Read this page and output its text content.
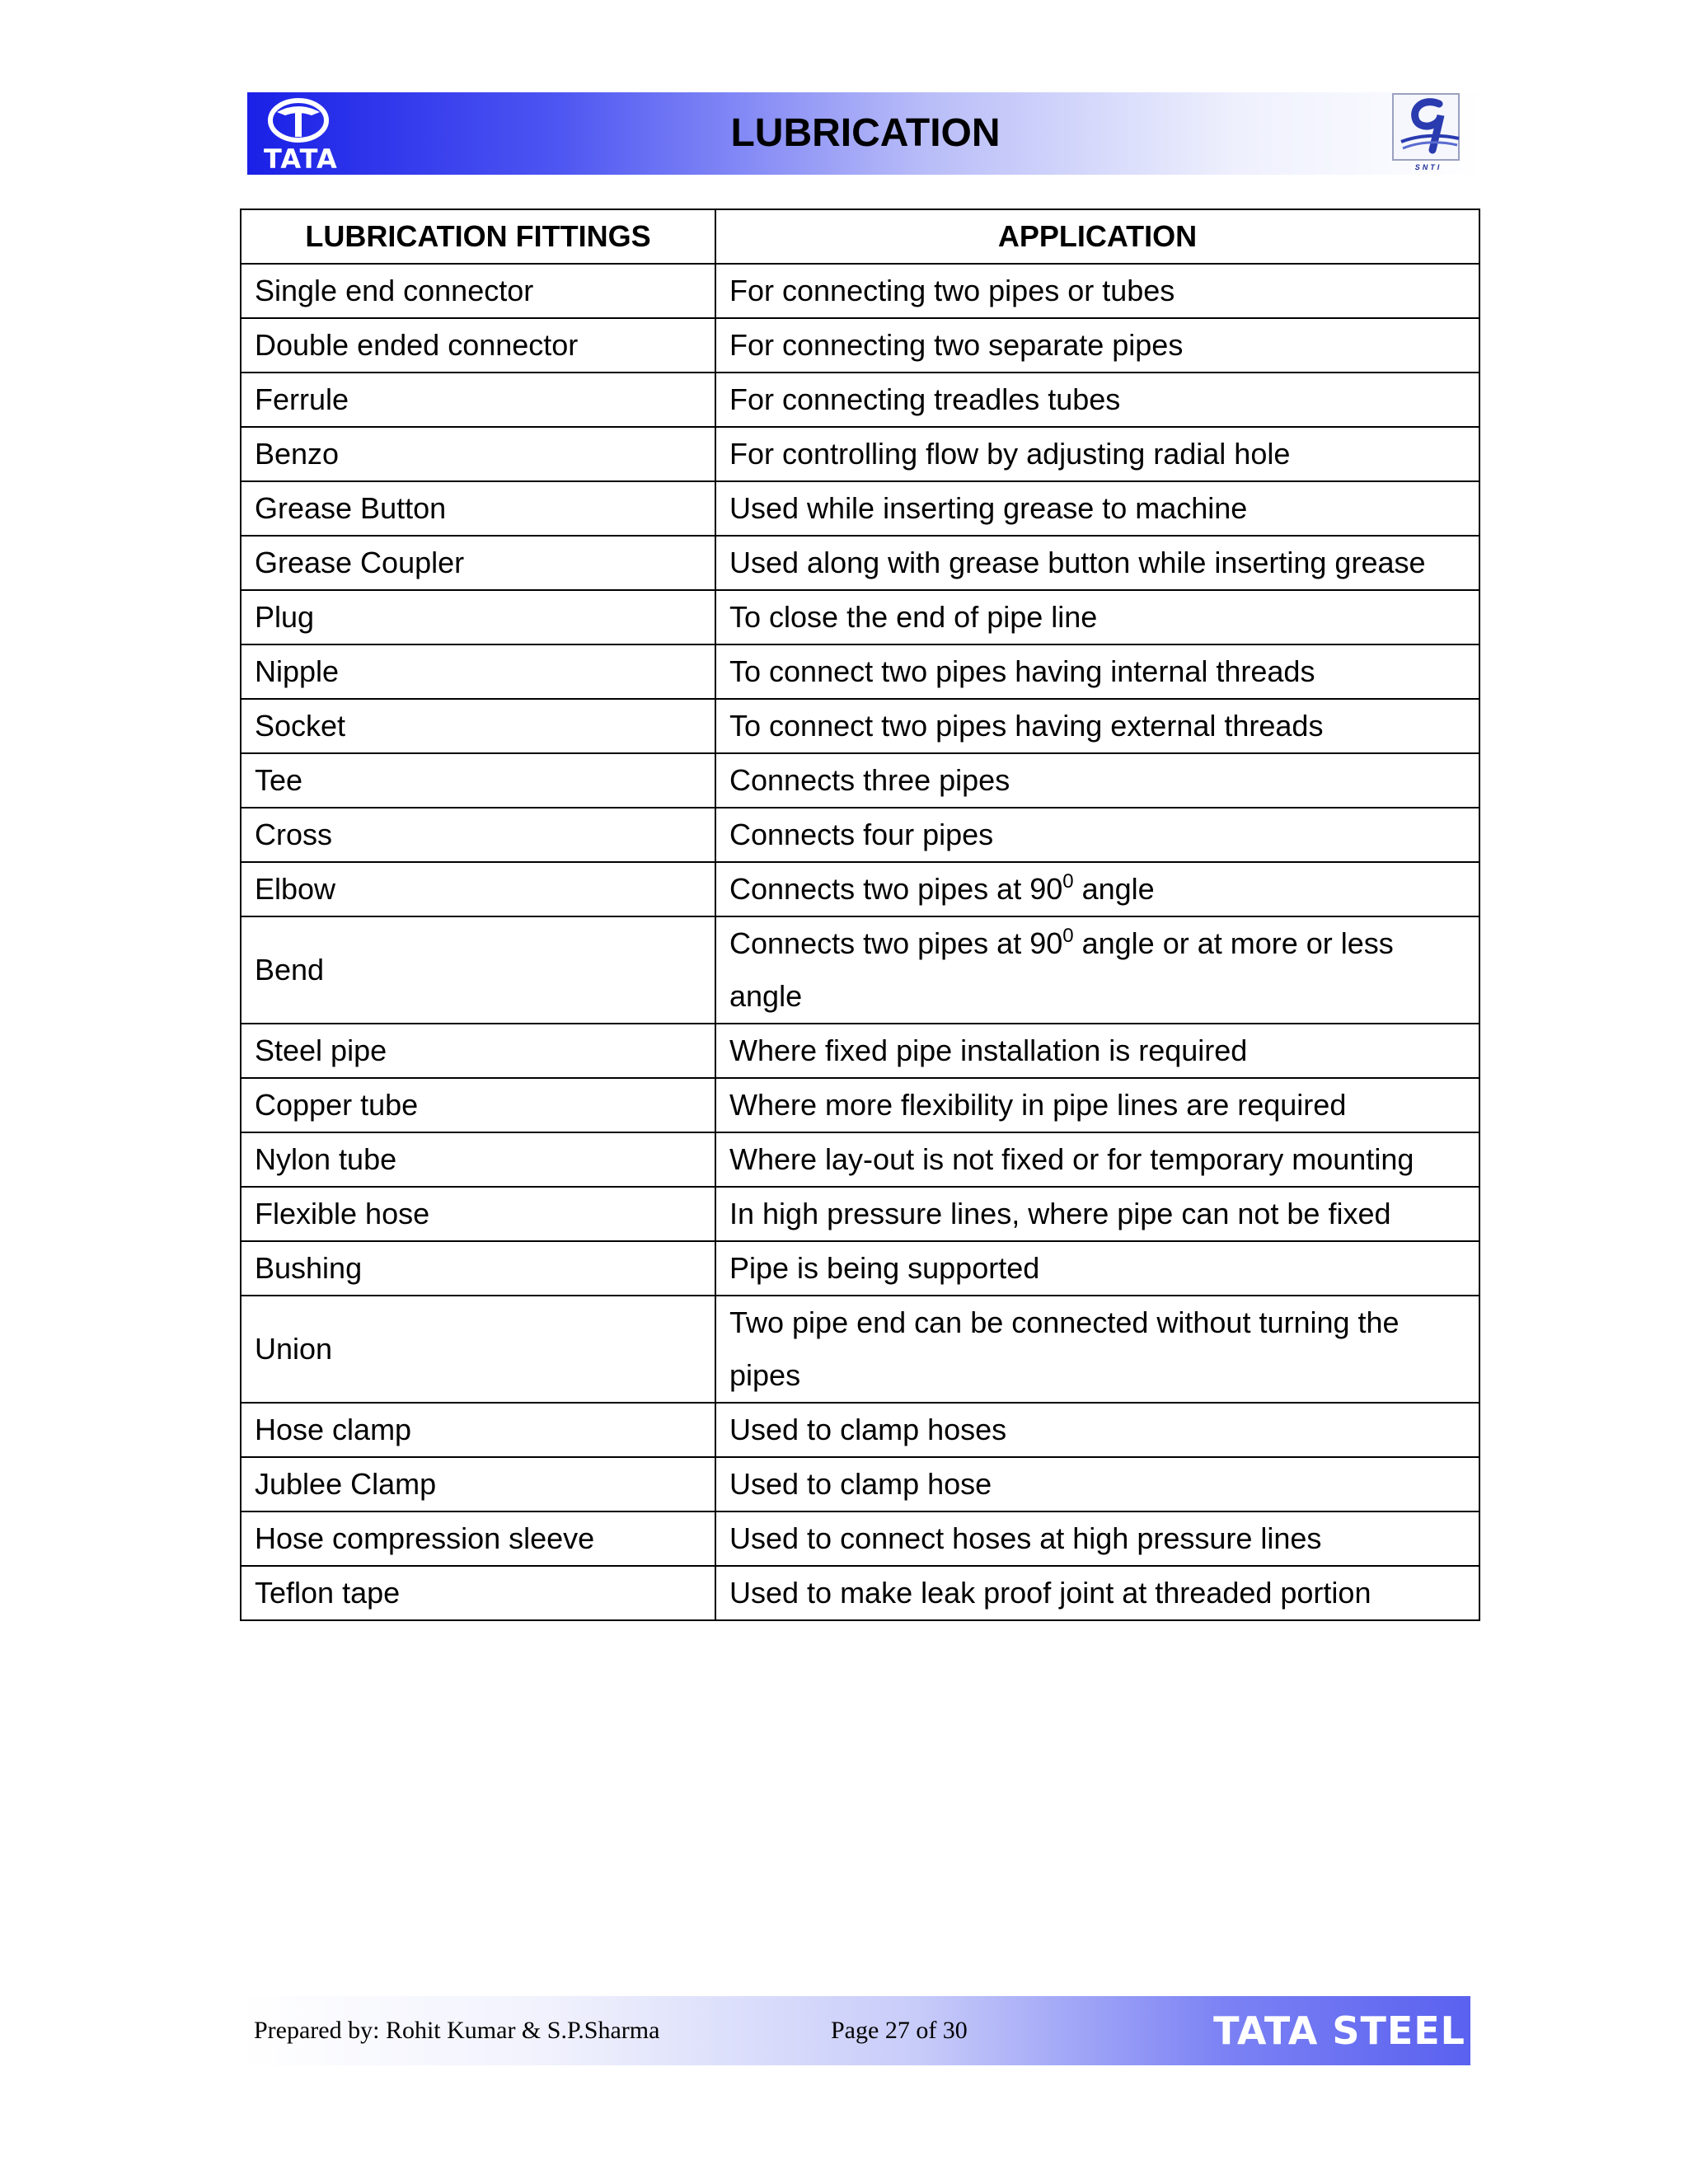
TATA
LUBRICATION
SNTI
LUBRICATION FITTINGS	APPLICATION
Single end connector	For connecting two pipes or tubes
Double ended connector	For connecting two separate pipes
Ferrule	For connecting treadles tubes
Benzo	For controlling flow by adjusting radial hole
Grease Button	Used while inserting grease to machine
Grease Coupler	Used along with grease button while inserting grease
Plug	To close the end of pipe line
Nipple	To connect two pipes having internal threads
Socket	To connect two pipes having external threads
Tee	Connects three pipes
Cross	Connects four pipes
Elbow	Connects two pipes at $90^0$ angle
Bend	Connects two pipes at $90^0$ angle or at more or less angle
Steel pipe	Where fixed pipe installation is required
Copper tube	Where more flexibility in pipe lines are required
Nylon tube	Where lay-out is not fixed or for temporary mounting
Flexible hose	In high pressure lines, where pipe can not be fixed
Bushing	Pipe is being supported
Union	Two pipe end can be connected without turning the pipes
Hose clamp	Used to clamp hoses
Jublee Clamp	Used to clamp hose
Hose compression sleeve	Used to connect hoses at high pressure lines
Teflon tape	Used to make leak proof joint at threaded portion
Prepared by: Rohit Kumar & S.P.Sharma	Page 27 of 30	TATA STEEL
